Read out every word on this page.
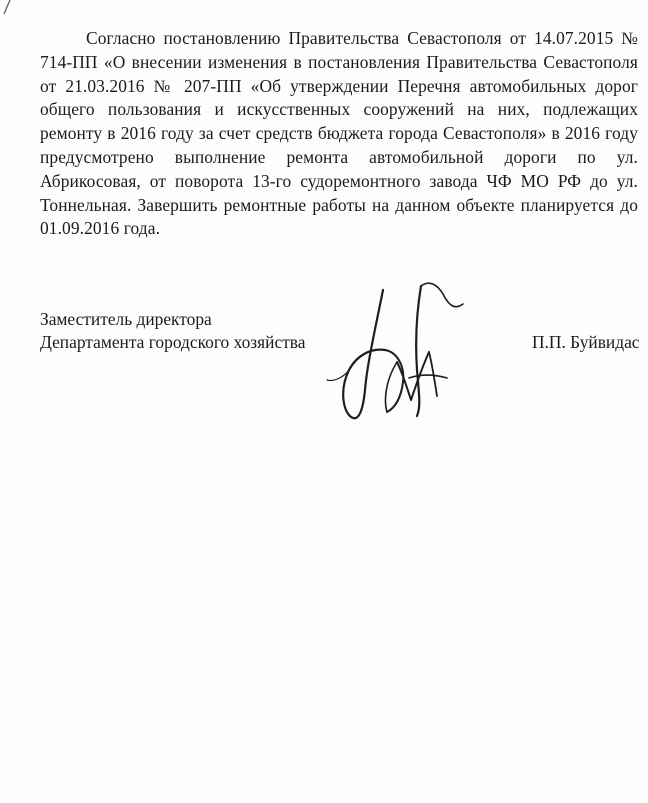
Согласно постановлению Правительства Севастополя от 14.07.2015 № 714-ПП «О внесении изменения в постановления Правительства Севастополя от 21.03.2016 № 207-ПП «Об утверждении Перечня автомобильных дорог общего пользования и искусственных сооружений на них, подлежащих ремонту в 2016 году за счет средств бюджета города Севастополя» в 2016 году предусмотрено выполнение ремонта автомобильной дороги по ул. Абрикосовая, от поворота 13-го судоремонтного завода ЧФ МО РФ до ул. Тоннельная. Завершить ремонтные работы на данном объекте планируется до 01.09.2016 года.

Заместитель директора
Департамента городского хозяйства	П.П. Буйвидас
